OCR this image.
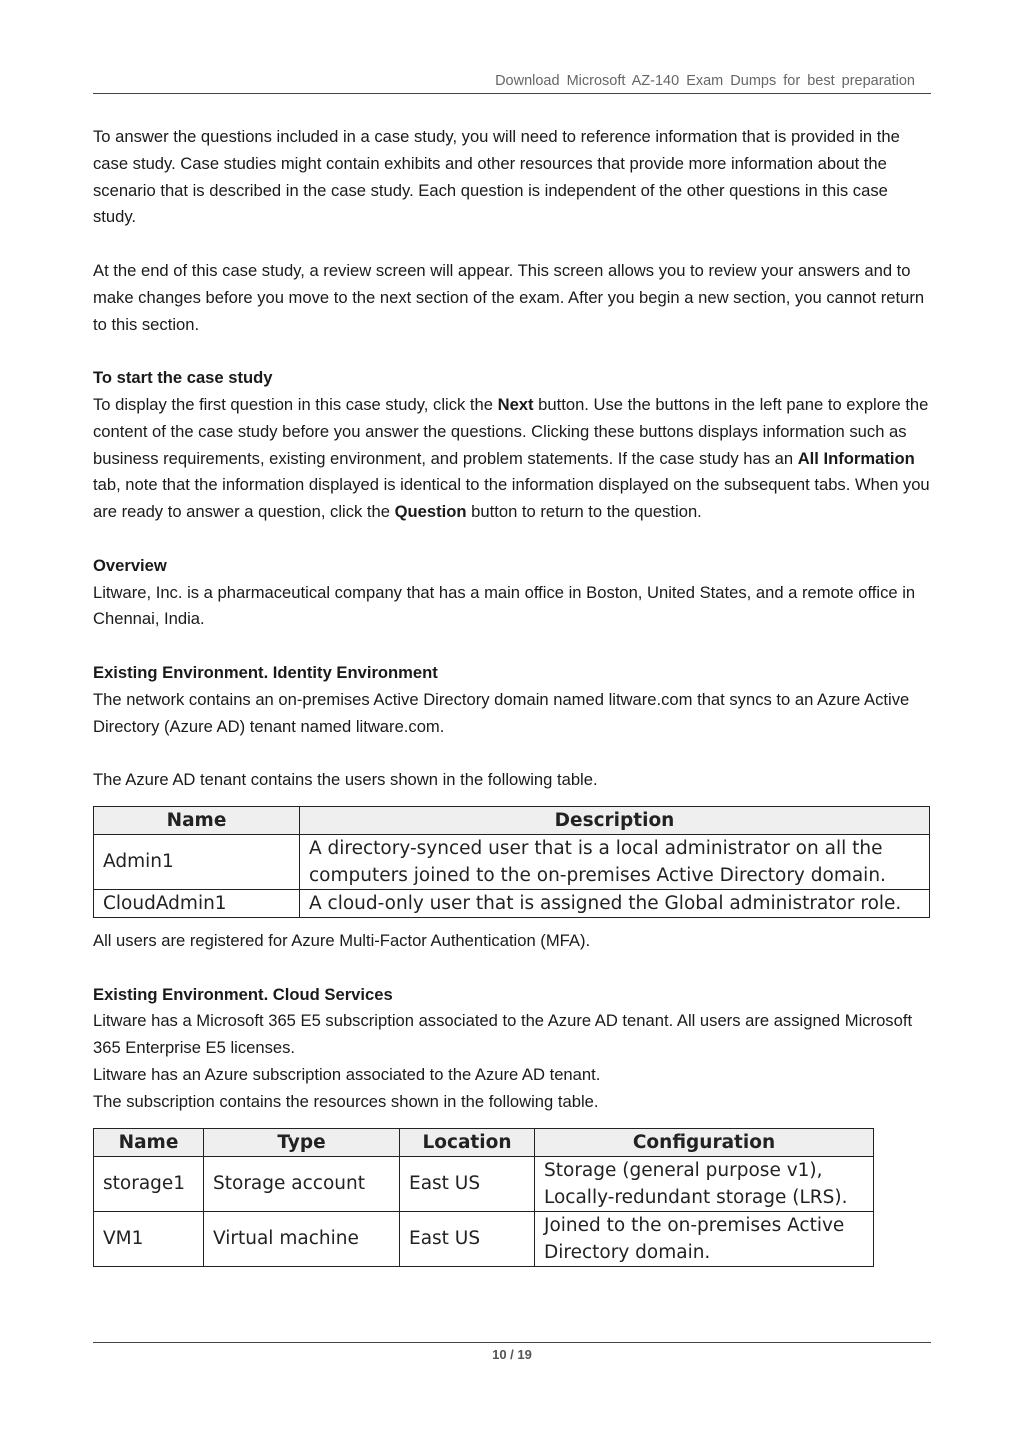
Download Microsoft AZ-140 Exam Dumps for best preparation

To answer the questions included in a case study, you will need to reference information that is provided in the case study. Case studies might contain exhibits and other resources that provide more information about the scenario that is described in the case study. Each question is independent of the other questions in this case study.

At the end of this case study, a review screen will appear. This screen allows you to review your answers and to make changes before you move to the next section of the exam. After you begin a new section, you cannot return to this section.

To start the case study

To display the first question in this case study, click the Next button. Use the buttons in the left pane to explore the content of the case study before you answer the questions. Clicking these buttons displays information such as business requirements, existing environment, and problem statements. If the case study has an All Information tab, note that the information displayed is identical to the information displayed on the subsequent tabs. When you are ready to answer a question, click the Question button to return to the question.

Overview

Litware, Inc. is a pharmaceutical company that has a main office in Boston, United States, and a remote office in Chennai, India.

Existing Environment. Identity Environment

The network contains an on-premises Active Directory domain named litware.com that syncs to an Azure Active Directory (Azure AD) tenant named litware.com.

The Azure AD tenant contains the users shown in the following table.

Name	Description
Admin1	A directory-synced user that is a local administrator on all the computers joined to the on-premises Active Directory domain.
CloudAdmin1	A cloud-only user that is assigned the Global administrator role.

All users are registered for Azure Multi-Factor Authentication (MFA).

Existing Environment. Cloud Services

Litware has a Microsoft 365 E5 subscription associated to the Azure AD tenant. All users are assigned Microsoft 365 Enterprise E5 licenses.

Litware has an Azure subscription associated to the Azure AD tenant.

The subscription contains the resources shown in the following table.

Name	Type	Location	Configuration
storage1	Storage account	East US	Storage (general purpose v1), Locally-redundant storage (LRS).
VM1	Virtual machine	East US	Joined to the on-premises Active Directory domain.
10 / 19
